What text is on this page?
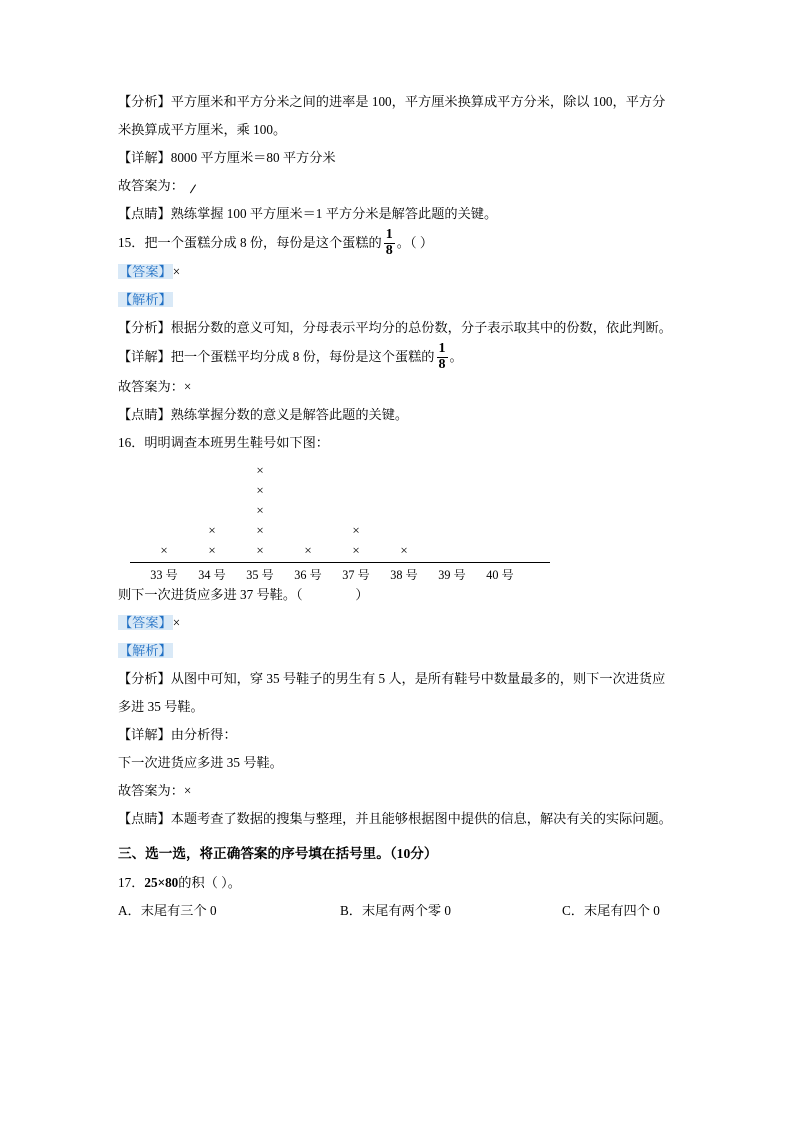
【分析】平方厘米和平方分米之间的进率是 100，平方厘米换算成平方分米，除以 100，平方分米换算成平方厘米，乘 100。

【详解】8000 平方厘米＝80 平方分米

故答案为：

【点睛】熟练掌握 100 平方厘米＝1 平方分米是解答此题的关键。

15．把一个蛋糕分成 8 份，每份是这个蛋糕的 $\frac{1}{8}$ 。（ ）

【答案】×

【解析】

【分析】根据分数的意义可知，分母表示平均分的总份数，分子表示取其中的份数，依此判断。

【详解】把一个蛋糕平均分成 8 份，每份是这个蛋糕的 $\frac{1}{8}$ 。

故答案为：×

【点睛】熟练掌握分数的意义是解答此题的关键。

16．明明调查本班男生鞋号如下图：

×	×
×
×
×
×
×
×
×	×
×
×
33 号 34 号 35 号 36 号 37 号 38 号 39 号 40 号

则下一次进货应多进 37 号鞋。（                ）

【答案】×

【解析】

【分析】从图中可知，穿 35 号鞋子的男生有 5 人，是所有鞋号中数量最多的，则下一次进货应多进 35 号鞋。

【详解】由分析得：

下一次进货应多进 35 号鞋。

故答案为：×

【点睛】本题考查了数据的搜集与整理，并且能够根据图中提供的信息，解决有关的实际问题。

三、选一选，将正确答案的序号填在括号里。（10分）

17．25×80的积（ ）。

A．末尾有三个 0	B．末尾有两个零 0	C．末尾有四个 0
